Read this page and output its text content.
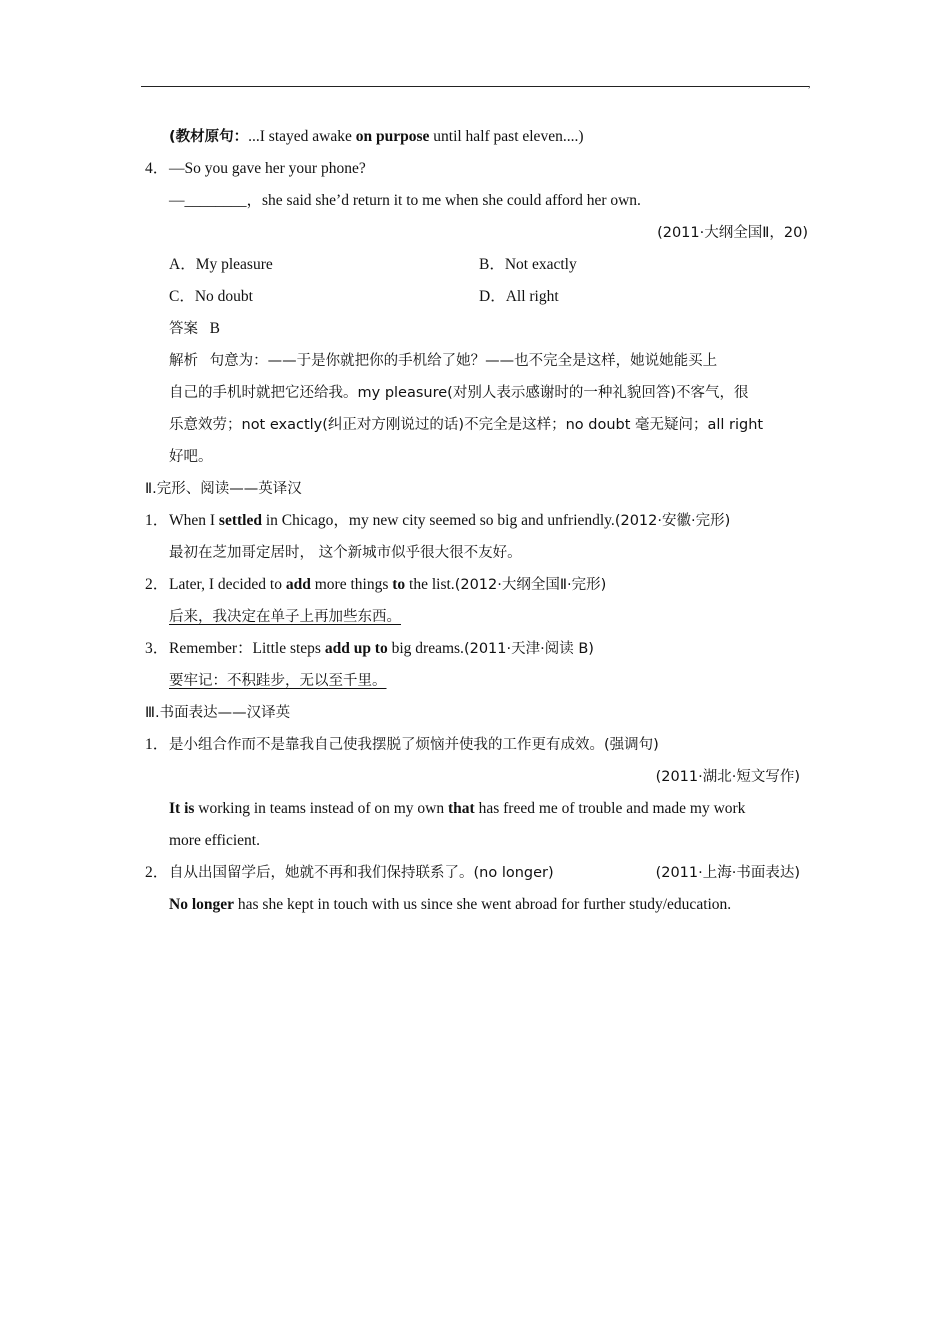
,
(教材原句：...I stayed awake on purpose until half past eleven....)
4．—So you gave her your phone?
—________，she said she’d return it to me when she could afford her own.
(2011·大纲全国Ⅱ，20)
A．My pleasure	B．Not exactly
C．No doubt	D．All right
答案 B
解析 句意为：——于是你就把你的手机给了她？——也不完全是这样，她说她能买上
自己的手机时就把它还给我。my pleasure(对别人表示感谢时的一种礼貌回答)不客气，很
乐意效劳；not exactly(纠正对方刚说过的话)不完全是这样；no doubt 毫无疑问；all right
好吧。
Ⅱ.完形、阅读——英译汉
1．When I settled in Chicago，my new city seemed so big and unfriendly.(2012·安徽·完形)
最初在芝加哥定居时， 这个新城市似乎很大很不友好。
2．Later, I decided to add more things to the list.(2012·大纲全国Ⅱ·完形)
后来，我决定在单子上再加些东西。
3．Remember：Little steps add up to big dreams.(2011·天津·阅读 B)
要牢记：不积跬步，无以至千里。
Ⅲ.书面表达——汉译英
1．是小组合作而不是靠我自己使我摆脱了烦恼并使我的工作更有成效。(强调句)
(2011·湖北·短文写作)
It is working in teams instead of on my own that has freed me of trouble and made my work
more efficient.
2．自从出国留学后，她就不再和我们保持联系了。(no longer)	(2011·上海·书面表达)
No longer has she kept in touch with us since she went abroad for further study/education.
